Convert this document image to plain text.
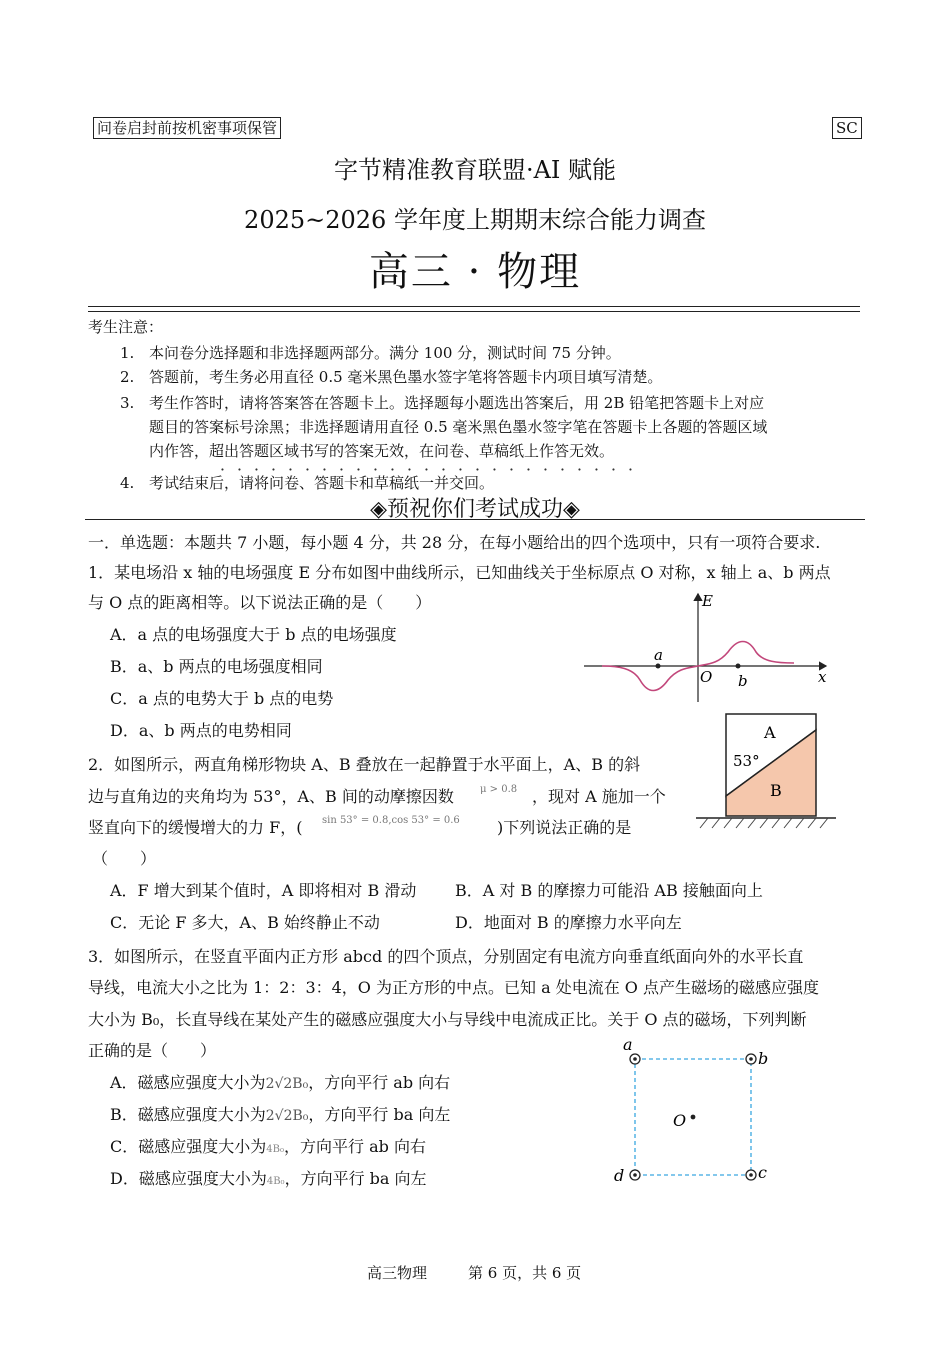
问卷启封前按机密事项保管	SC
字节精准教育联盟·AI 赋能
2025~2026 学年度上期期末综合能力调查
高三 · 物理
考生注意：
1. 本问卷分选择题和非选择题两部分。满分 100 分，测试时间 75 分钟。
2. 答题前，考生务必用直径 0.5 毫米黑色墨水签字笔将答题卡内项目填写清楚。
3. 考生作答时，请将答案答在答题卡上。选择题每小题选出答案后，用 2B 铅笔把答题卡上对应
题目的答案标号涂黑；非选择题请用直径 0.5 毫米黑色墨水签字笔在答题卡上各题的答题区域
内作答，超出答题区域书写的答案无效，在问卷、草稿纸上作答无效。
．．．．．．．．．．．．．．．．．．．．．．．．．
4. 考试结束后，请将问卷、答题卡和草稿纸一并交回。
◈预祝你们考试成功◈
一．单选题：本题共 7 小题，每小题 4 分，共 28 分，在每小题给出的四个选项中，只有一项符合要求.
1．某电场沿 x 轴的电场强度 E 分布如图中曲线所示，已知曲线关于坐标原点 O 对称，x 轴上 a、b 两点
与 O 点的距离相等。以下说法正确的是（　　）
A．a 点的电场强度大于 b 点的电场强度
B．a、b 两点的电场强度相同
C．a 点的电势大于 b 点的电势
D．a、b 两点的电势相同
E
a
O b	x
2．如图所示，两直角梯形物块 A、B 叠放在一起静置于水平面上，A、B 的斜
边与直角边的夹角均为 53°，A、B 间的动摩擦因数	μ > 0.8 ，现对 A 施加一个
竖直向下的缓慢增大的力 F，( sin 53° = 0.8,cos 53° = 0.6 )下列说法正确的是
（　　）
A．F 增大到某个值时，A 即将相对 B 滑动 B．A 对 B 的摩擦力可能沿 AB 接触面向上
C．无论 F 多大，A、B 始终静止不动	D．地面对 B 的摩擦力水平向左
A
B
53°
3．如图所示，在竖直平面内正方形 abcd 的四个顶点，分别固定有电流方向垂直纸面向外的水平长直
导线，电流大小之比为 1：2：3：4，O 为正方形的中点。已知 a 处电流在 O 点产生磁场的磁感应强度
大小为 B₀，长直导线在某处产生的磁感应强度大小与导线中电流成正比。关于 O 点的磁场，下列判断
正确的是（　　）
A．磁感应强度大小为2√2B₀，方向平行 ab 向右
B．磁感应强度大小为2√2B₀，方向平行 ba 向左
C．磁感应强度大小为4B₀，方向平行 ab 向右
D．磁感应强度大小为4B₀，方向平行 ba 向左
a
b
c
d
O
高三物理	第 6 页，共 6 页
